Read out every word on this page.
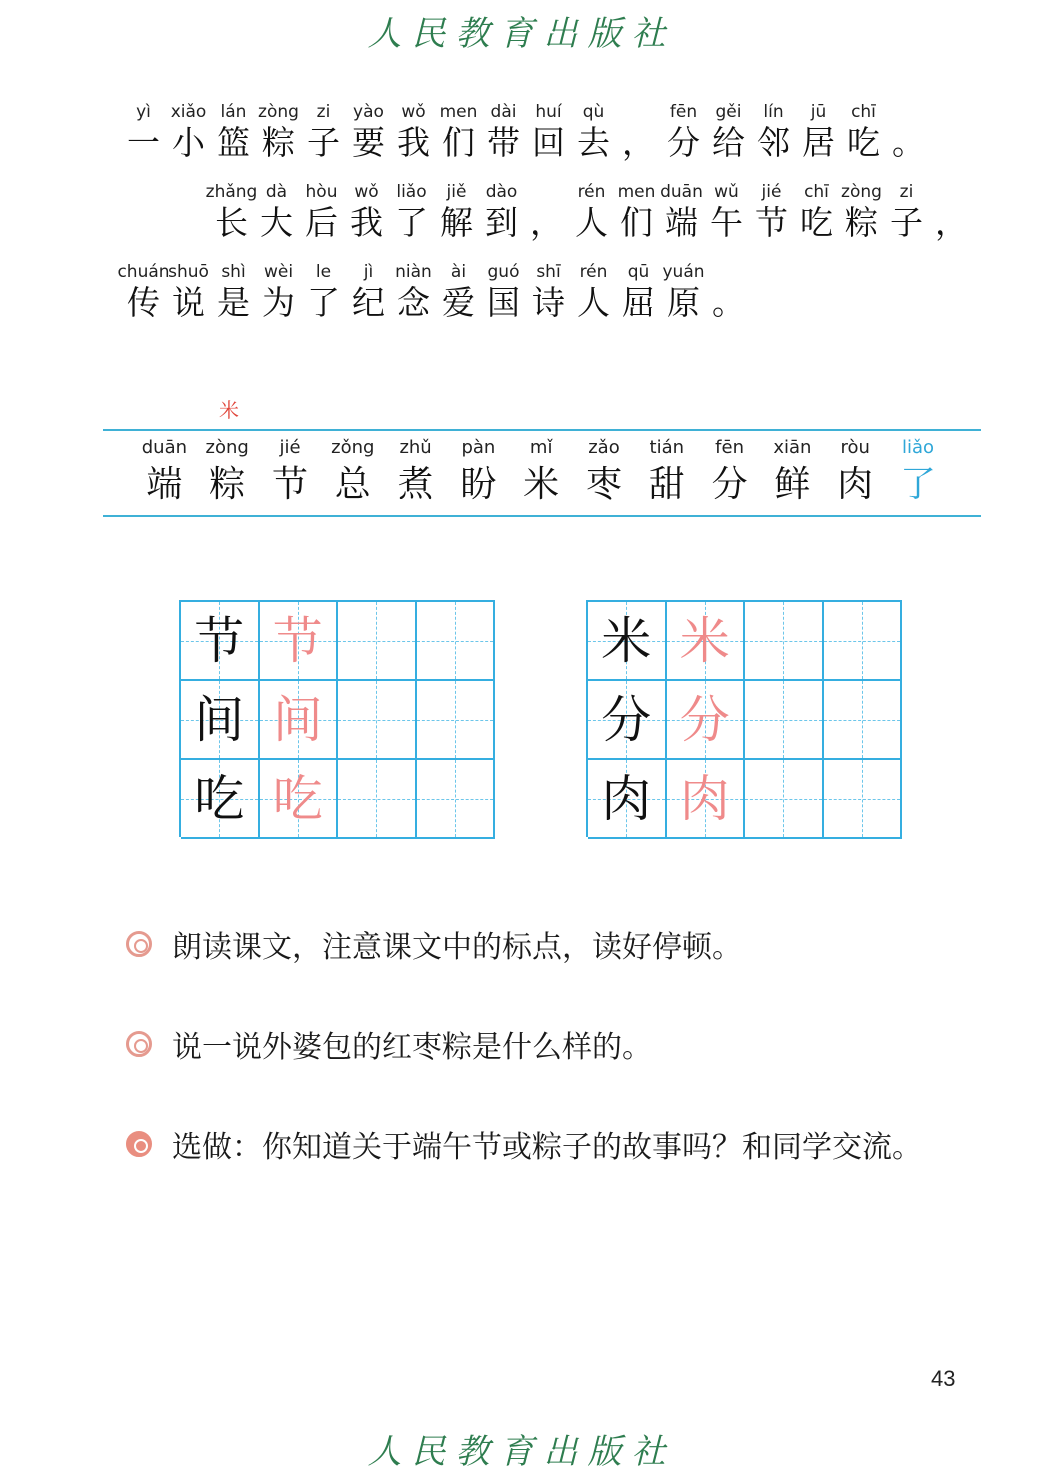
人民教育出版社
yì
一
xiǎo
小
lán
篮
zòng
粽
zi
子
yào
要
wǒ
我
men
们
dài
带
huí
回
qù
去 ，
fēn
分
gěi
给
lín
邻
jū
居
chī
吃 。
zhǎng
长
dà
大
hòu
后
wǒ
我
liǎo
了
jiě
解
dào
到 ，
rén
人
men
们
duān
端
wǔ
午
jié
节
chī
吃
zòng
粽
zi
子 ，
chuán
传
shuō
说
shì
是
wèi
为
le
了
jì
纪
niàn
念
ài
爱
guó
国
shī
诗
rén
人
qū
屈
yuán
原 。
米
duān
端
zòng
粽
jié
节
zǒng
总
zhǔ
煮
pàn
盼
mǐ
米
zǎo
枣
tián
甜
fēn
分
xiān
鲜
ròu
肉
liǎo
了
节 节
间 间
吃 吃
米 米
分 分
肉 肉
朗读课文，注意课文中的标点，读好停顿。
说一说外婆包的红枣粽是什么样的。
选做：你知道关于端午节或粽子的故事吗？和同学交流。
43
人民教育出版社
